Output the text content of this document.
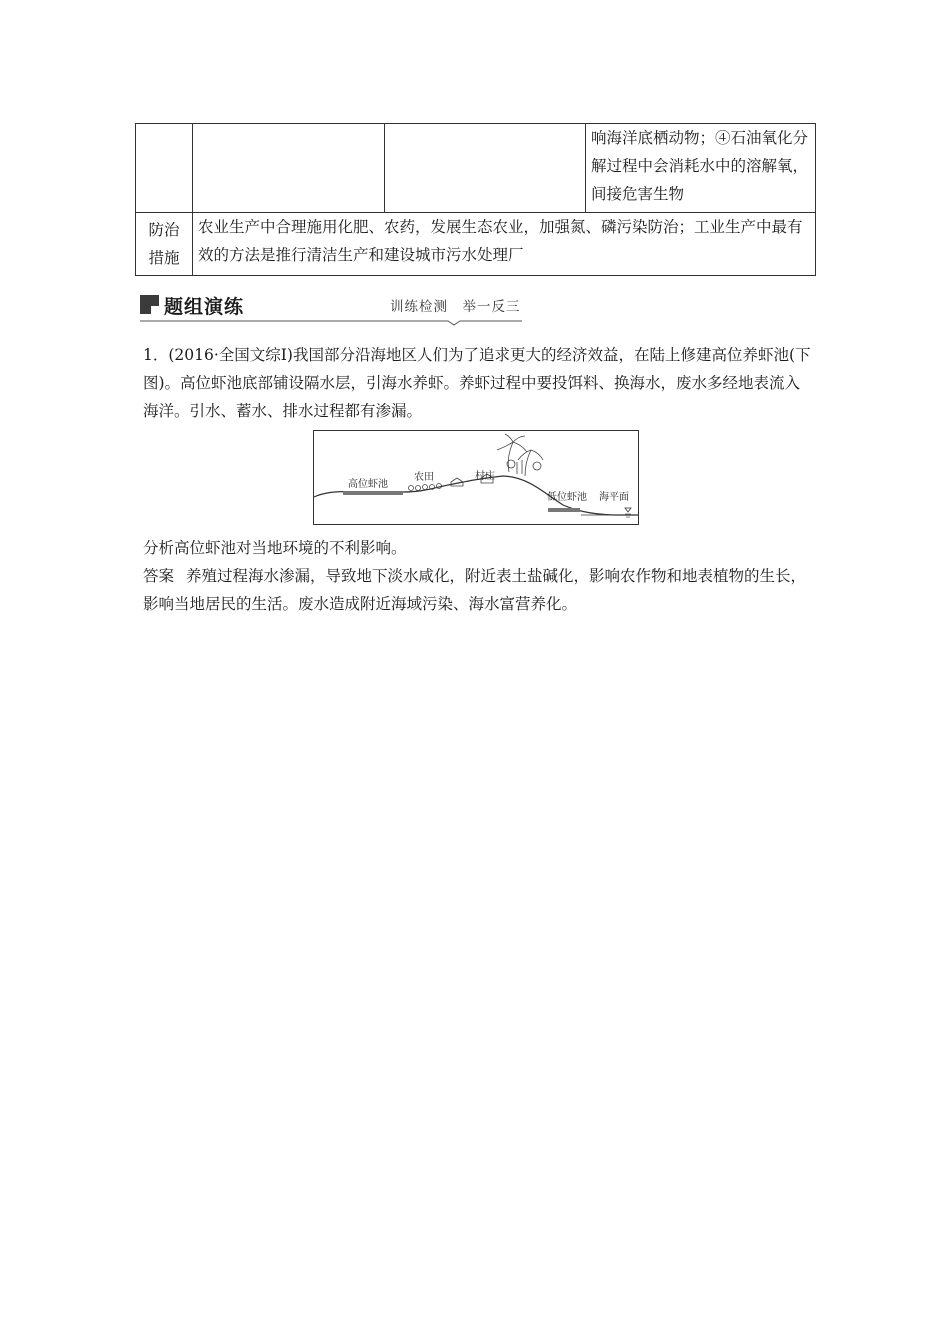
			响海洋底栖动物；④石油氧化分解过程中会消耗水中的溶解氧，间接危害生物

防治措施	农业生产中合理施用化肥、农药，发展生态农业，加强氮、磷污染防治；工业生产中最有效的方法是推行清洁生产和建设城市污水处理厂		
题组演练	训练检测　举一反三
1．(2016·全国文综Ⅰ)我国部分沿海地区人们为了追求更大的经济效益，在陆上修建高位养虾池(下图)。高位虾池底部铺设隔水层，引海水养虾。养虾过程中要投饵料、换海水，废水多经地表流入海洋。引水、蓄水、排水过程都有渗漏。
高位虾池
农田	村庄
低位虾池 海平面
分析高位虾池对当地环境的不利影响。
答案 养殖过程海水渗漏，导致地下淡水咸化，附近表土盐碱化，影响农作物和地表植物的生长，影响当地居民的生活。废水造成附近海域污染、海水富营养化。
